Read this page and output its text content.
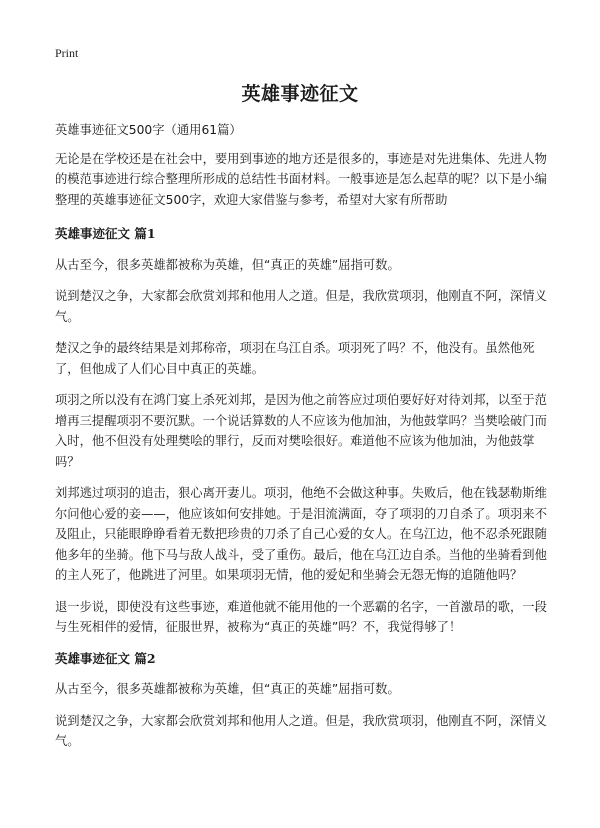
Print
英雄事迹征文

英雄事迹征文500字（通用61篇）

无论是在学校还是在社会中，要用到事迹的地方还是很多的，事迹是对先进集体、先进人物的模范事迹进行综合整理所形成的总结性书面材料。一般事迹是怎么起草的呢？以下是小编整理的英雄事迹征文500字，欢迎大家借鉴与参考，希望对大家有所帮助

英雄事迹征文 篇1

从古至今，很多英雄都被称为英雄，但“真正的英雄”屈指可数。

说到楚汉之争，大家都会欣赏刘邦和他用人之道。但是，我欣赏项羽，他刚直不阿，深情义气。

楚汉之争的最终结果是刘邦称帝，项羽在乌江自杀。项羽死了吗？不，他没有。虽然他死了，但他成了人们心目中真正的英雄。

项羽之所以没有在鸿门宴上杀死刘邦，是因为他之前答应过项伯要好好对待刘邦，以至于范增再三提醒项羽不要沉默。一个说话算数的人不应该为他加油，为他鼓掌吗？当樊哙破门而入时，他不但没有处理樊哙的罪行，反而对樊哙很好。难道他不应该为他加油，为他鼓掌吗？

刘邦逃过项羽的追击，狠心离开妻儿。项羽，他绝不会做这种事。失败后，他在钱瑟勒斯维尔问他心爱的妾——，他应该如何安排她。于是泪流满面，夺了项羽的刀自杀了。项羽来不及阻止，只能眼睁睁看着无数把珍贵的刀杀了自己心爱的女人。在乌江边，他不忍杀死跟随他多年的坐骑。他下马与敌人战斗，受了重伤。最后，他在乌江边自杀。当他的坐骑看到他的主人死了，他跳进了河里。如果项羽无情，他的爱妃和坐骑会无怨无悔的追随他吗？

退一步说，即使没有这些事迹，难道他就不能用他的一个恶霸的名字，一首激昂的歌，一段与生死相伴的爱情，征服世界，被称为“真正的英雄”吗？不，我觉得够了！

英雄事迹征文 篇2

从古至今，很多英雄都被称为英雄，但“真正的英雄”屈指可数。

说到楚汉之争，大家都会欣赏刘邦和他用人之道。但是，我欣赏项羽，他刚直不阿，深情义气。
